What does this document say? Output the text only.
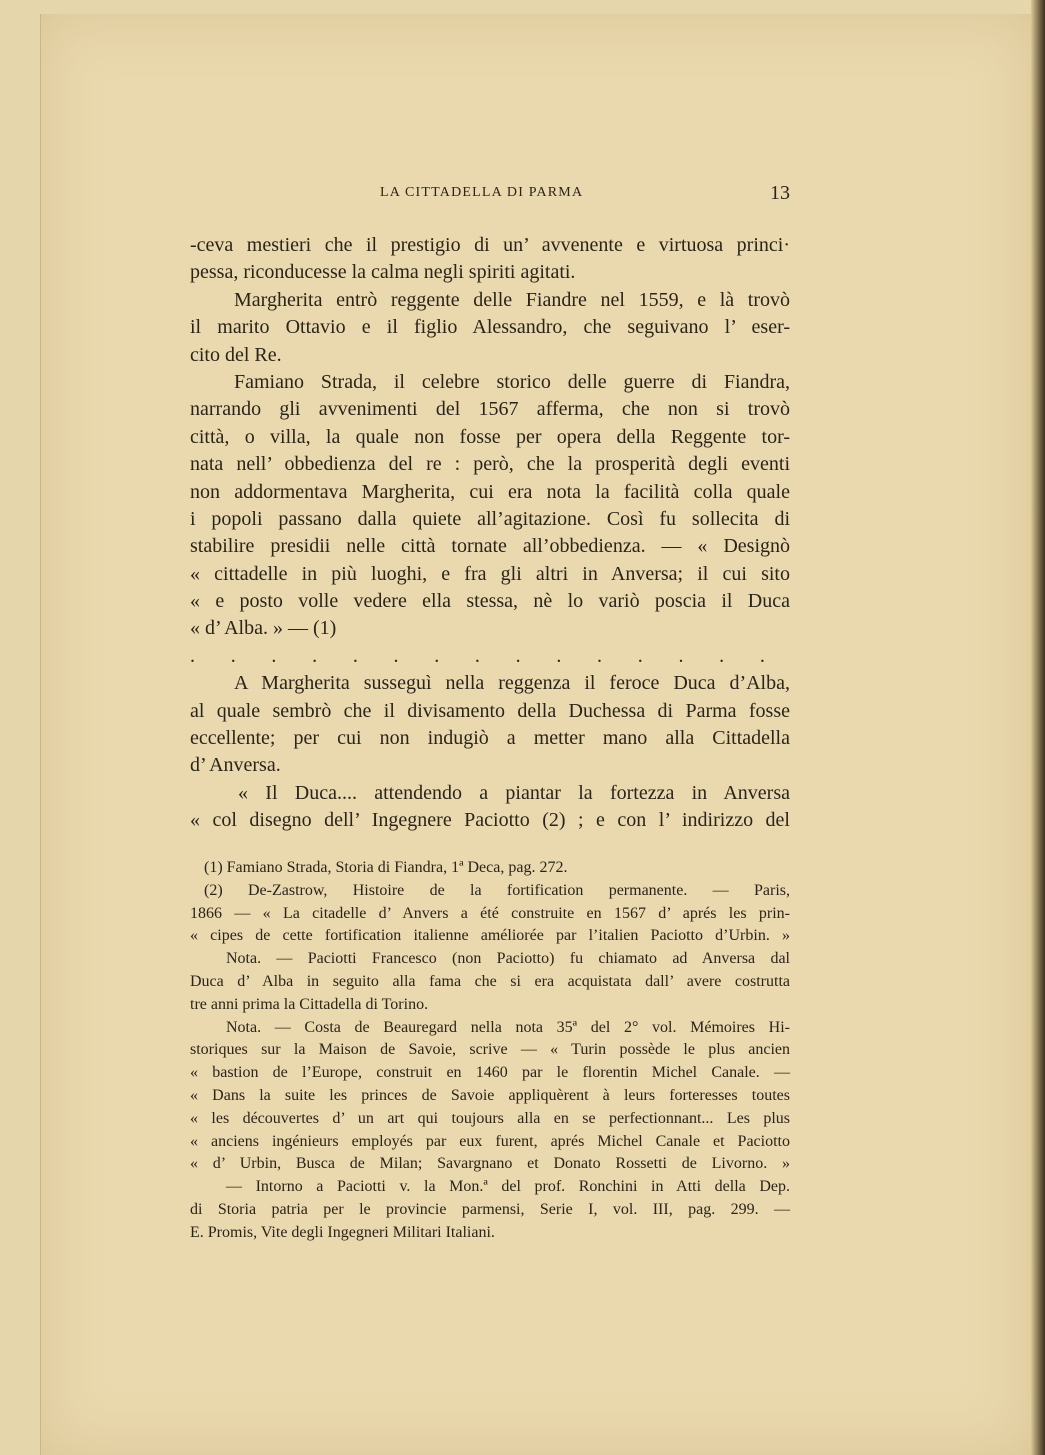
LA CITTADELLA DI PARMA	13
-ceva mestieri che il prestigio di un’ avvenente e virtuosa princi·
pessa, riconducesse la calma negli spiriti agitati.
Margherita entrò reggente delle Fiandre nel 1559, e là trovò
il marito Ottavio e il figlio Alessandro, che seguivano l’ eser-
cito del Re.
Famiano Strada, il celebre storico delle guerre di Fiandra,
narrando gli avvenimenti del 1567 afferma, che non si trovò
città, o villa, la quale non fosse per opera della Reggente tor-
nata nell’ obbedienza del re : però, che la prosperità degli eventi
non addormentava Margherita, cui era nota la facilità colla quale
i popoli passano dalla quiete all’agitazione. Così fu sollecita di
stabilire presidii nelle città tornate all’obbedienza. — « Designò
« cittadelle in più luoghi, e fra gli altri in Anversa; il cui sito
« e posto volle vedere ella stessa, nè lo variò poscia il Duca
« d’ Alba. » — (1)
. . . . . . . . . . . . . . .
A Margherita susseguì nella reggenza il feroce Duca d’Alba,
al quale sembrò che il divisamento della Duchessa di Parma fosse
eccellente; per cui non indugiò a metter mano alla Cittadella
d’ Anversa.
« Il Duca.... attendendo a piantar la fortezza in Anversa
« col disegno dell’ Ingegnere Paciotto (2) ; e con l’ indirizzo del
(1) Famiano Strada, Storia di Fiandra, 1ª Deca, pag. 272.
(2) De-Zastrow, Histoire de la fortification permanente. — Paris,
1866 — « La citadelle d’ Anvers a été construite en 1567 d’ aprés les prin-
« cipes de cette fortification italienne améliorée par l’italien Paciotto d’Urbin. »
Nota. — Paciotti Francesco (non Paciotto) fu chiamato ad Anversa dal
Duca d’ Alba in seguito alla fama che si era acquistata dall’ avere costrutta
tre anni prima la Cittadella di Torino.
Nota. — Costa de Beauregard nella nota 35ª del 2° vol. Mémoires Hi-
storiques sur la Maison de Savoie, scrive — « Turin possède le plus ancien
« bastion de l’Europe, construit en 1460 par le florentin Michel Canale. —
« Dans la suite les princes de Savoie appliquèrent à leurs forteresses toutes
« les découvertes d’ un art qui toujours alla en se perfectionnant... Les plus
« anciens ingénieurs employés par eux furent, aprés Michel Canale et Paciotto
« d’ Urbin, Busca de Milan; Savargnano et Donato Rossetti de Livorno. »
— Intorno a Paciotti v. la Mon.ª del prof. Ronchini in Atti della Dep.
di Storia patria per le provincie parmensi, Serie I, vol. III, pag. 299. —
E. Promis, Vite degli Ingegneri Militari Italiani.
